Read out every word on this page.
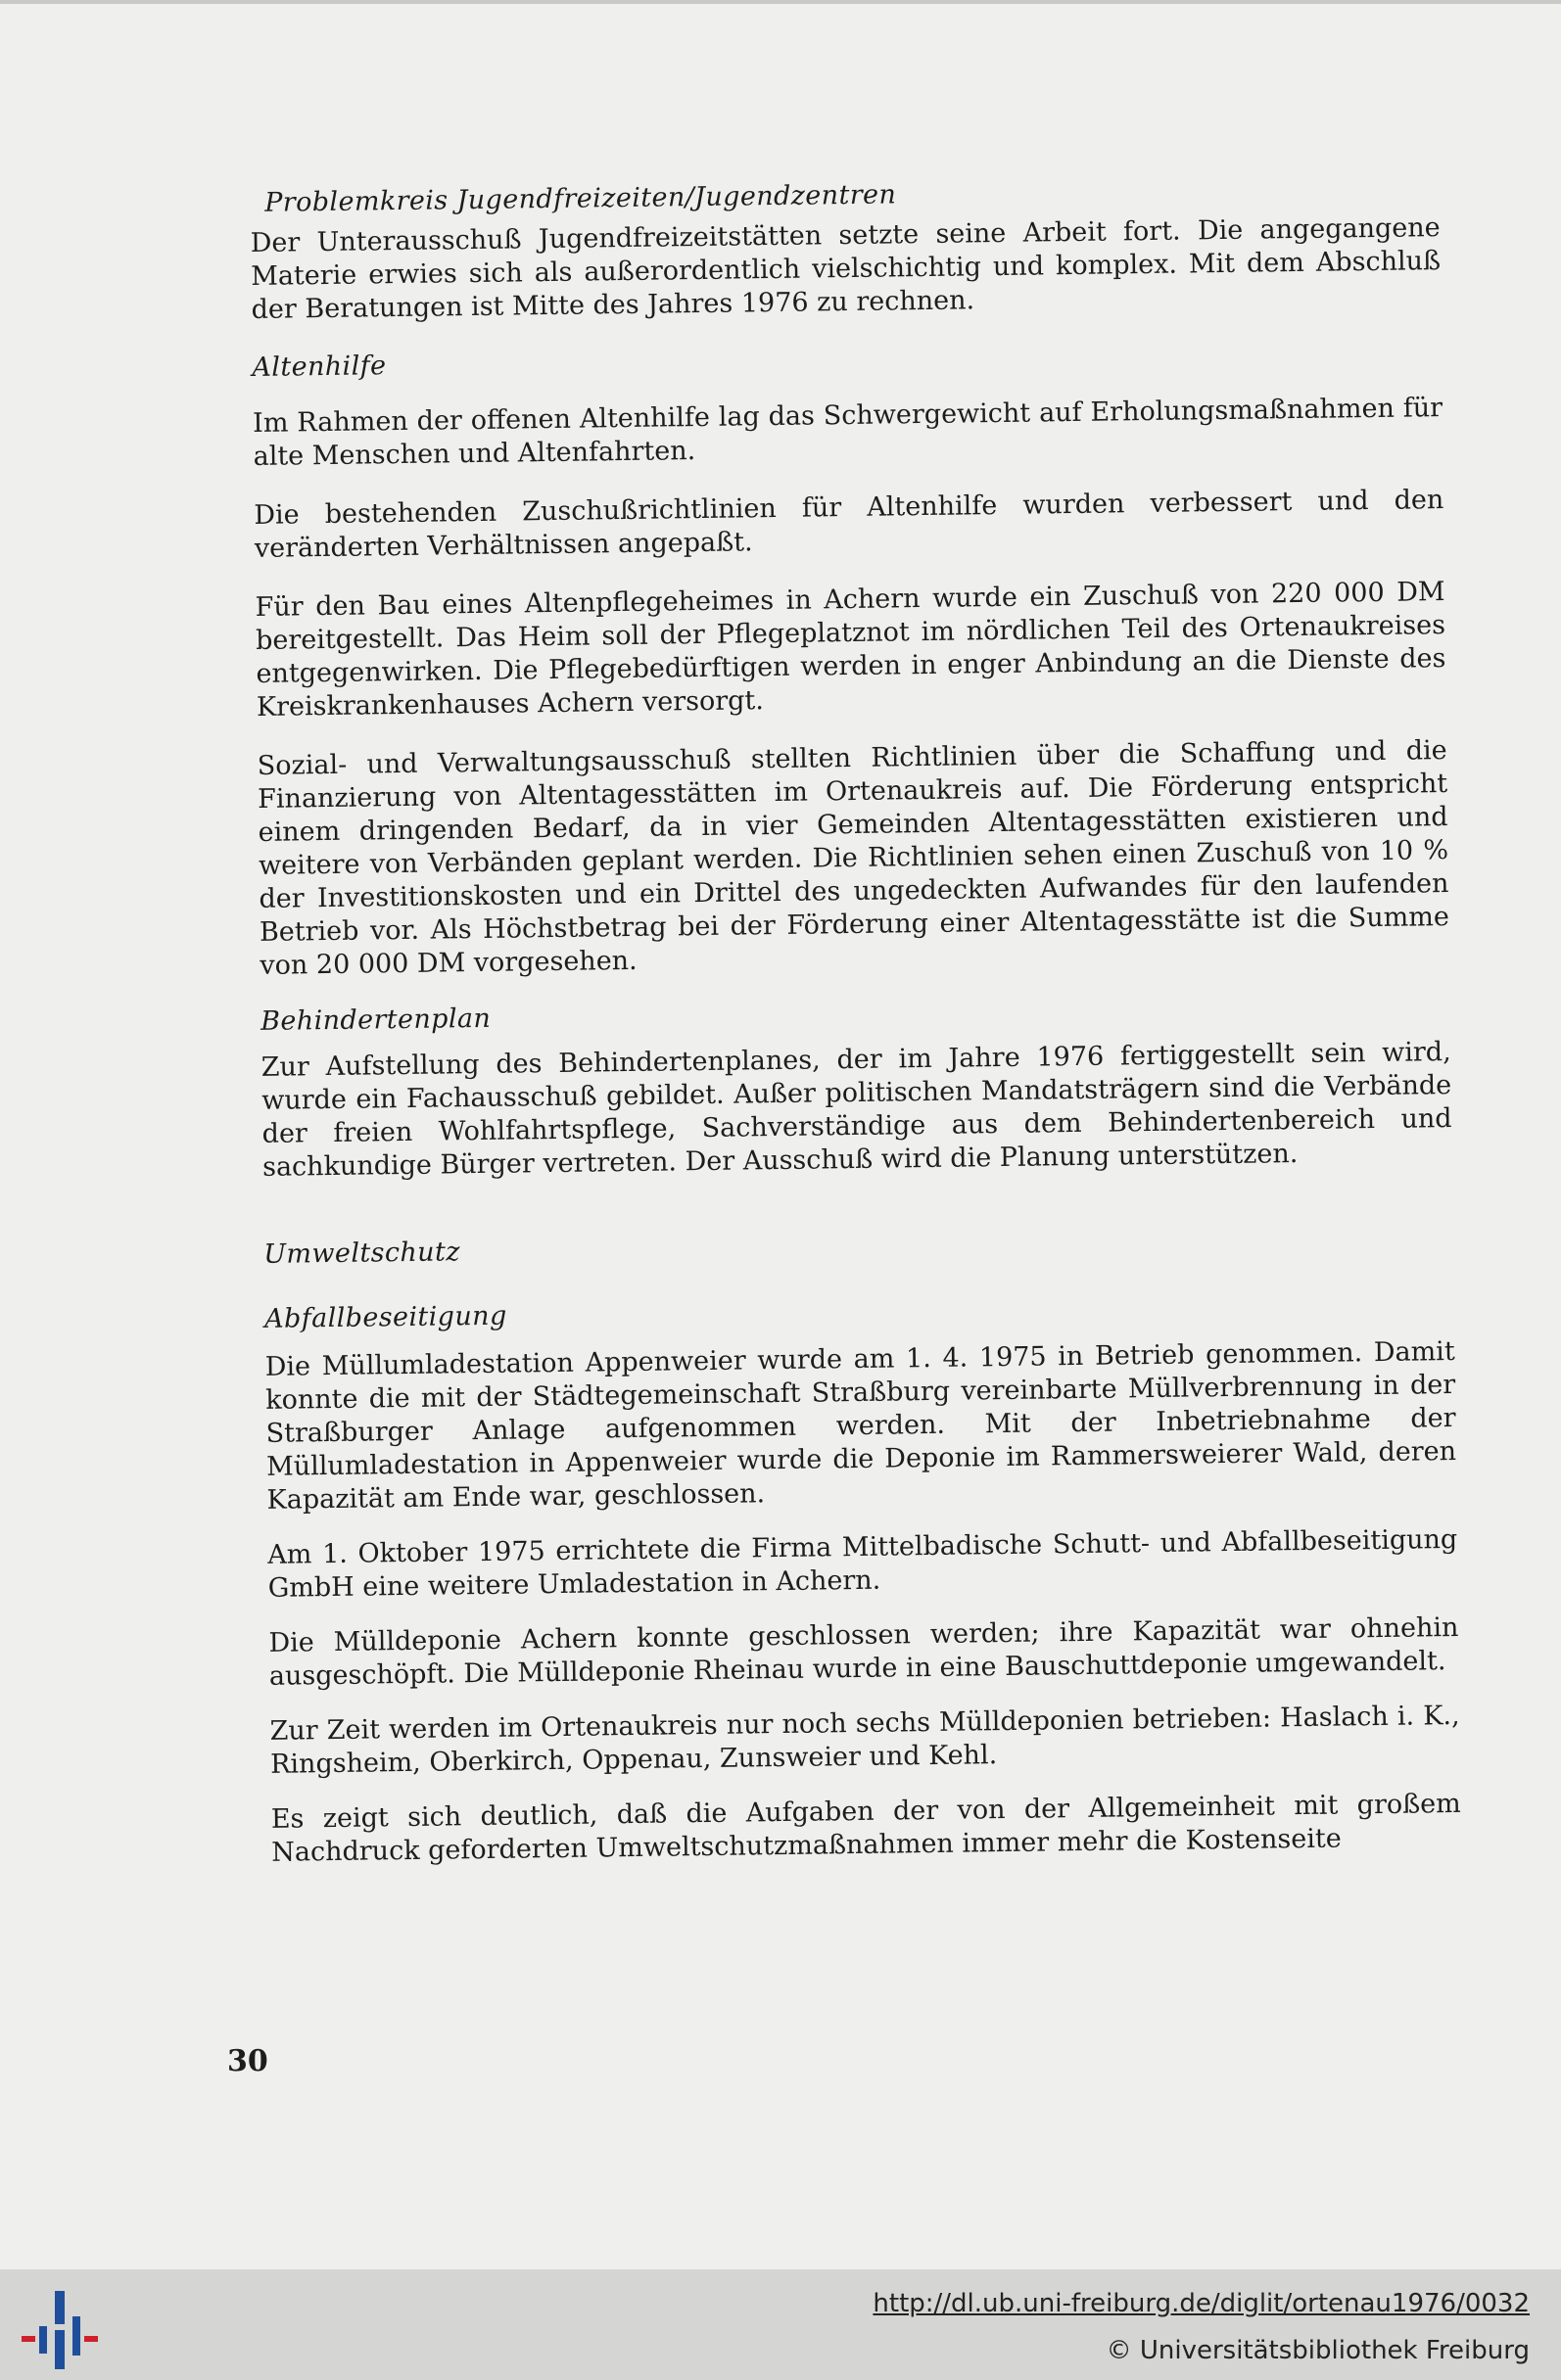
Problemkreis Jugendfreizeiten/Jugendzentren

Der Unterausschuß Jugendfreizeitstätten setzte seine Arbeit fort. Die angegangene Materie erwies sich als außerordentlich vielschichtig und komplex. Mit dem Abschluß der Beratungen ist Mitte des Jahres 1976 zu rechnen.

Altenhilfe

Im Rahmen der offenen Altenhilfe lag das Schwergewicht auf Erholungsmaßnahmen für alte Menschen und Altenfahrten.

Die bestehenden Zuschußrichtlinien für Altenhilfe wurden verbessert und den veränderten Verhältnissen angepaßt.

Für den Bau eines Altenpflegeheimes in Achern wurde ein Zuschuß von 220 000 DM bereitgestellt. Das Heim soll der Pflegeplatznot im nördlichen Teil des Ortenaukreises entgegenwirken. Die Pflegebedürftigen werden in enger Anbindung an die Dienste des Kreiskrankenhauses Achern versorgt.

Sozial- und Verwaltungsausschuß stellten Richtlinien über die Schaffung und die Finanzierung von Altentagesstätten im Ortenaukreis auf. Die Förderung entspricht einem dringenden Bedarf, da in vier Gemeinden Altentagesstätten existieren und weitere von Verbänden geplant werden. Die Richtlinien sehen einen Zuschuß von 10 % der Investitionskosten und ein Drittel des ungedeckten Aufwandes für den laufenden Betrieb vor. Als Höchstbetrag bei der Förderung einer Altentagesstätte ist die Summe von 20 000 DM vorgesehen.

Behindertenplan

Zur Aufstellung des Behindertenplanes, der im Jahre 1976 fertiggestellt sein wird, wurde ein Fachausschuß gebildet. Außer politischen Mandatsträgern sind die Verbände der freien Wohlfahrtspflege, Sachverständige aus dem Behindertenbereich und sachkundige Bürger vertreten. Der Ausschuß wird die Planung unterstützen.

Umweltschutz

Abfallbeseitigung

Die Müllumladestation Appenweier wurde am 1. 4. 1975 in Betrieb genommen. Damit konnte die mit der Städtegemeinschaft Straßburg vereinbarte Müllverbrennung in der Straßburger Anlage aufgenommen werden. Mit der Inbetriebnahme der Müllumladestation in Appenweier wurde die Deponie im Rammersweierer Wald, deren Kapazität am Ende war, geschlossen.

Am 1. Oktober 1975 errichtete die Firma Mittelbadische Schutt- und Abfallbeseitigung GmbH eine weitere Umladestation in Achern.

Die Mülldeponie Achern konnte geschlossen werden; ihre Kapazität war ohnehin ausgeschöpft. Die Mülldeponie Rheinau wurde in eine Bauschuttdeponie umgewandelt.

Zur Zeit werden im Ortenaukreis nur noch sechs Mülldeponien betrieben: Haslach i. K., Ringsheim, Oberkirch, Oppenau, Zunsweier und Kehl.

Es zeigt sich deutlich, daß die Aufgaben der von der Allgemeinheit mit großem Nachdruck geforderten Umweltschutzmaßnahmen immer mehr die Kostenseite

30
http://dl.ub.uni-freiburg.de/diglit/ortenau1976/0032
© Universitätsbibliothek Freiburg
